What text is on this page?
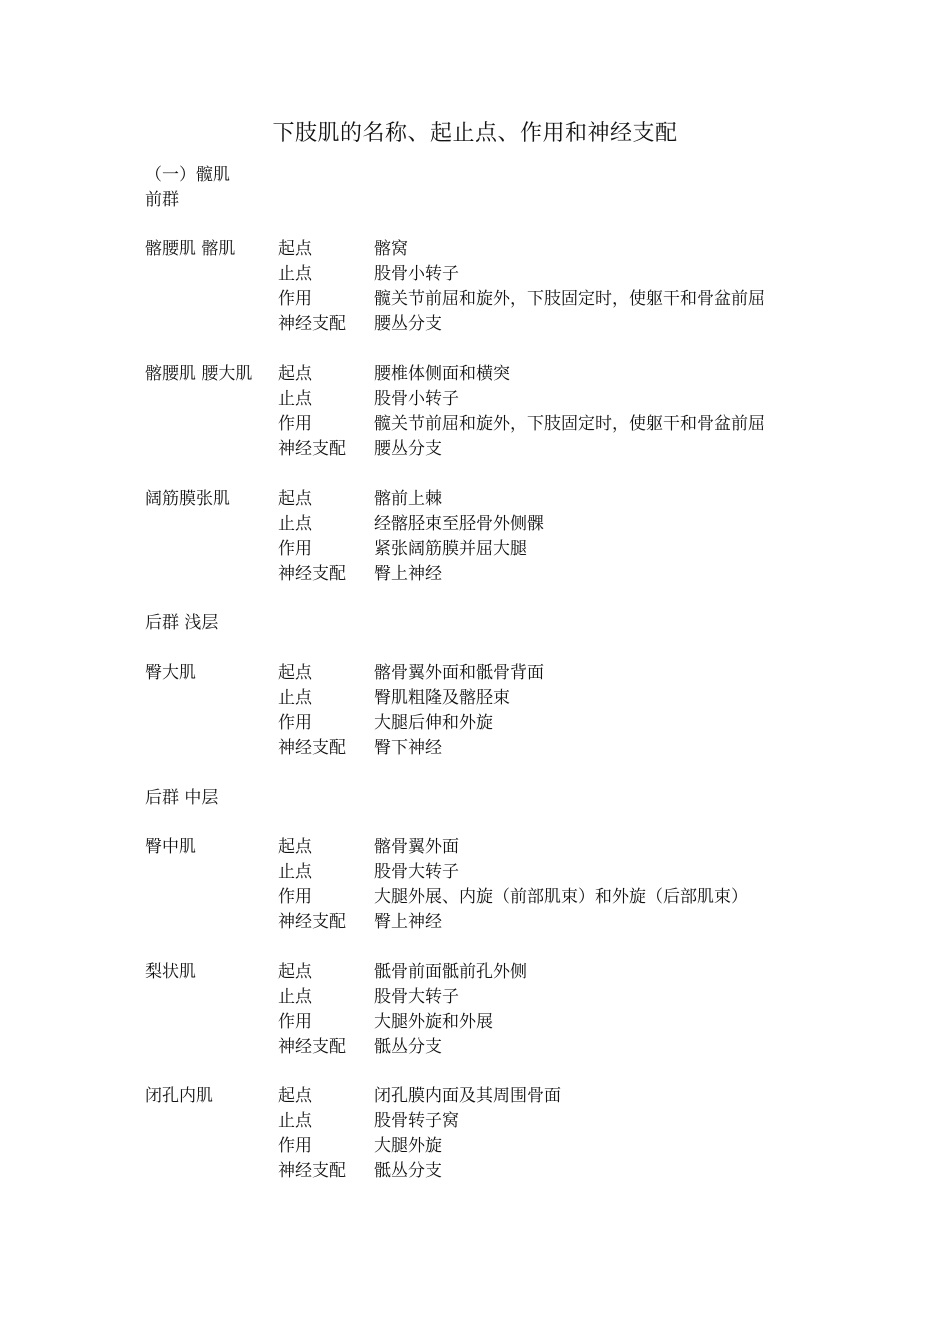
下肢肌的名称、起止点、作用和神经支配
（一）髋肌
前群
髂腰肌 髂肌	起点	髂窝
止点	股骨小转子
作用	髋关节前屈和旋外，下肢固定时，使躯干和骨盆前屈
神经支配 腰丛分支
髂腰肌 腰大肌 起点	腰椎体侧面和横突
止点	股骨小转子
作用	髋关节前屈和旋外，下肢固定时，使躯干和骨盆前屈
神经支配 腰丛分支
阔筋膜张肌	起点	髂前上棘
止点	经髂胫束至胫骨外侧髁
作用	紧张阔筋膜并屈大腿
神经支配 臀上神经
后群 浅层
臀大肌	起点	髂骨翼外面和骶骨背面
止点	臀肌粗隆及髂胫束
作用	大腿后伸和外旋
神经支配 臀下神经
后群 中层
臀中肌	起点	髂骨翼外面
止点	股骨大转子
作用	大腿外展、内旋（前部肌束）和外旋（后部肌束）
神经支配 臀上神经
梨状肌	起点	骶骨前面骶前孔外侧
止点	股骨大转子
作用	大腿外旋和外展
神经支配 骶丛分支
闭孔内肌	起点	闭孔膜内面及其周围骨面
止点	股骨转子窝
作用	大腿外旋
神经支配 骶丛分支
